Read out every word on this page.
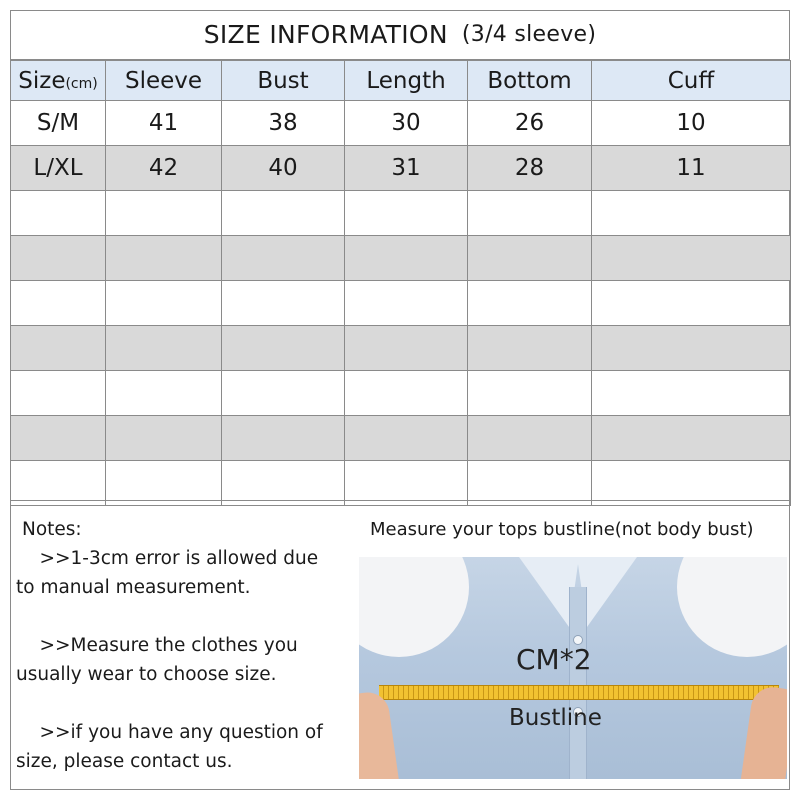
SIZE INFORMATION (3/4 sleeve)
Size(cm)	Sleeve	Bust	Length	Bottom	Cuff
S/M	41	38	30	26	10
L/XL	42	40	31	28	11

Notes:

>>1-3cm error is allowed due to manual measurement.

>>Measure the clothes you usually wear to choose size.

>>if you have any question of size, please contact us.

Measure your tops bustline(not body bust)
CM*2
Bustline
